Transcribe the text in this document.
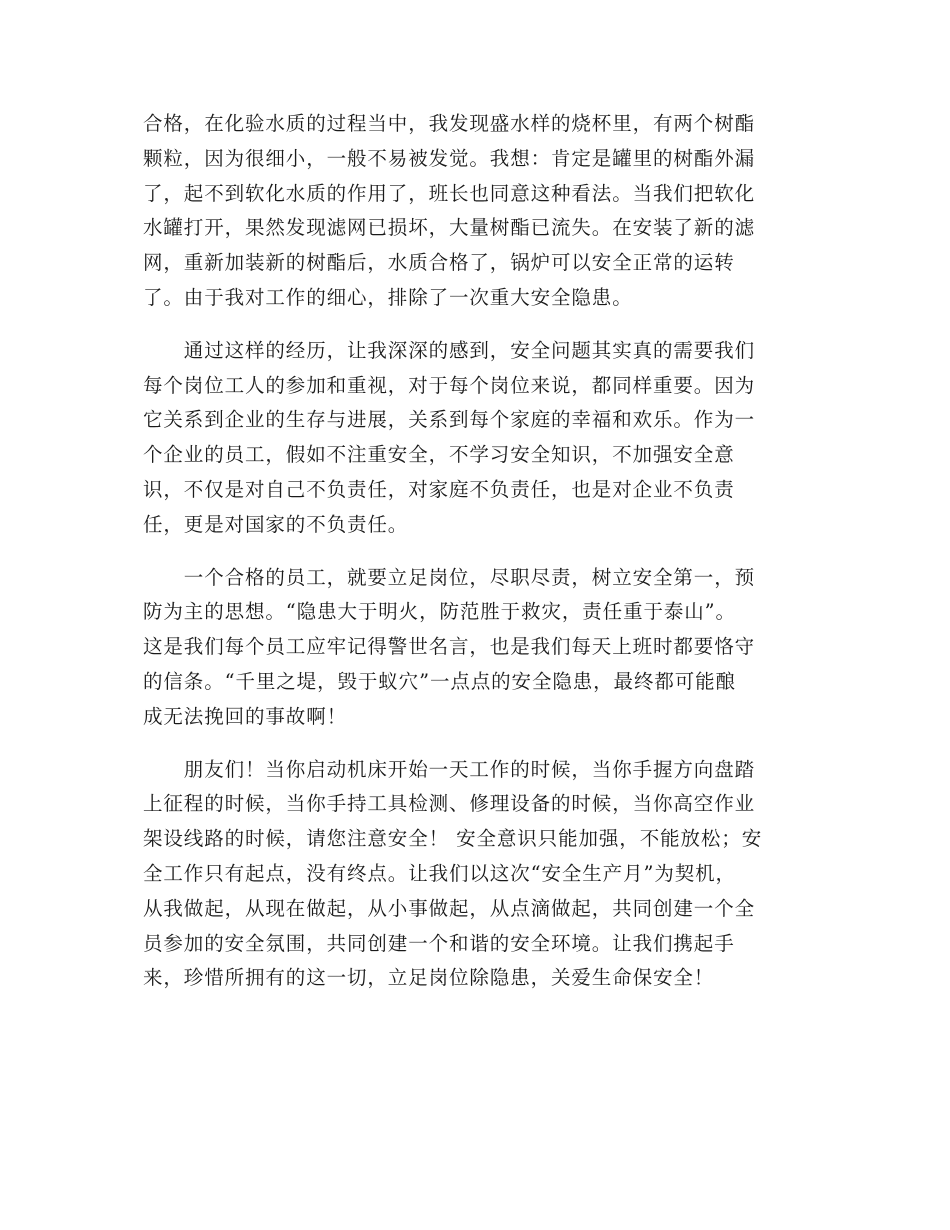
合格，在化验水质的过程当中，我发现盛水样的烧杯里，有两个树酯
颗粒，因为很细小，一般不易被发觉。我想：肯定是罐里的树酯外漏
了，起不到软化水质的作用了，班长也同意这种看法。当我们把软化
水罐打开，果然发现滤网已损坏，大量树酯已流失。在安装了新的滤
网，重新加装新的树酯后，水质合格了，锅炉可以安全正常的运转
了。由于我对工作的细心，排除了一次重大安全隐患。
　　通过这样的经历，让我深深的感到，安全问题其实真的需要我们
每个岗位工人的参加和重视，对于每个岗位来说，都同样重要。因为
它关系到企业的生存与进展，关系到每个家庭的幸福和欢乐。作为一
个企业的员工，假如不注重安全，不学习安全知识，不加强安全意
识，不仅是对自己不负责任，对家庭不负责任，也是对企业不负责
任，更是对国家的不负责任。
　　一个合格的员工，就要立足岗位，尽职尽责，树立安全第一，预
防为主的思想。“隐患大于明火，防范胜于救灾，责任重于泰山”。
这是我们每个员工应牢记得警世名言，也是我们每天上班时都要恪守
的信条。“千里之堤，毁于蚁穴”一点点的安全隐患，最终都可能酿
成无法挽回的事故啊！
　　朋友们！当你启动机床开始一天工作的时候，当你手握方向盘踏
上征程的时候，当你手持工具检测、修理设备的时候，当你高空作业
架设线路的时候，请您注意安全！ 安全意识只能加强，不能放松；安
全工作只有起点，没有终点。让我们以这次“安全生产月”为契机，
从我做起，从现在做起，从小事做起，从点滴做起，共同创建一个全
员参加的安全氛围，共同创建一个和谐的安全环境。让我们携起手
来，珍惜所拥有的这一切，立足岗位除隐患，关爱生命保安全！
